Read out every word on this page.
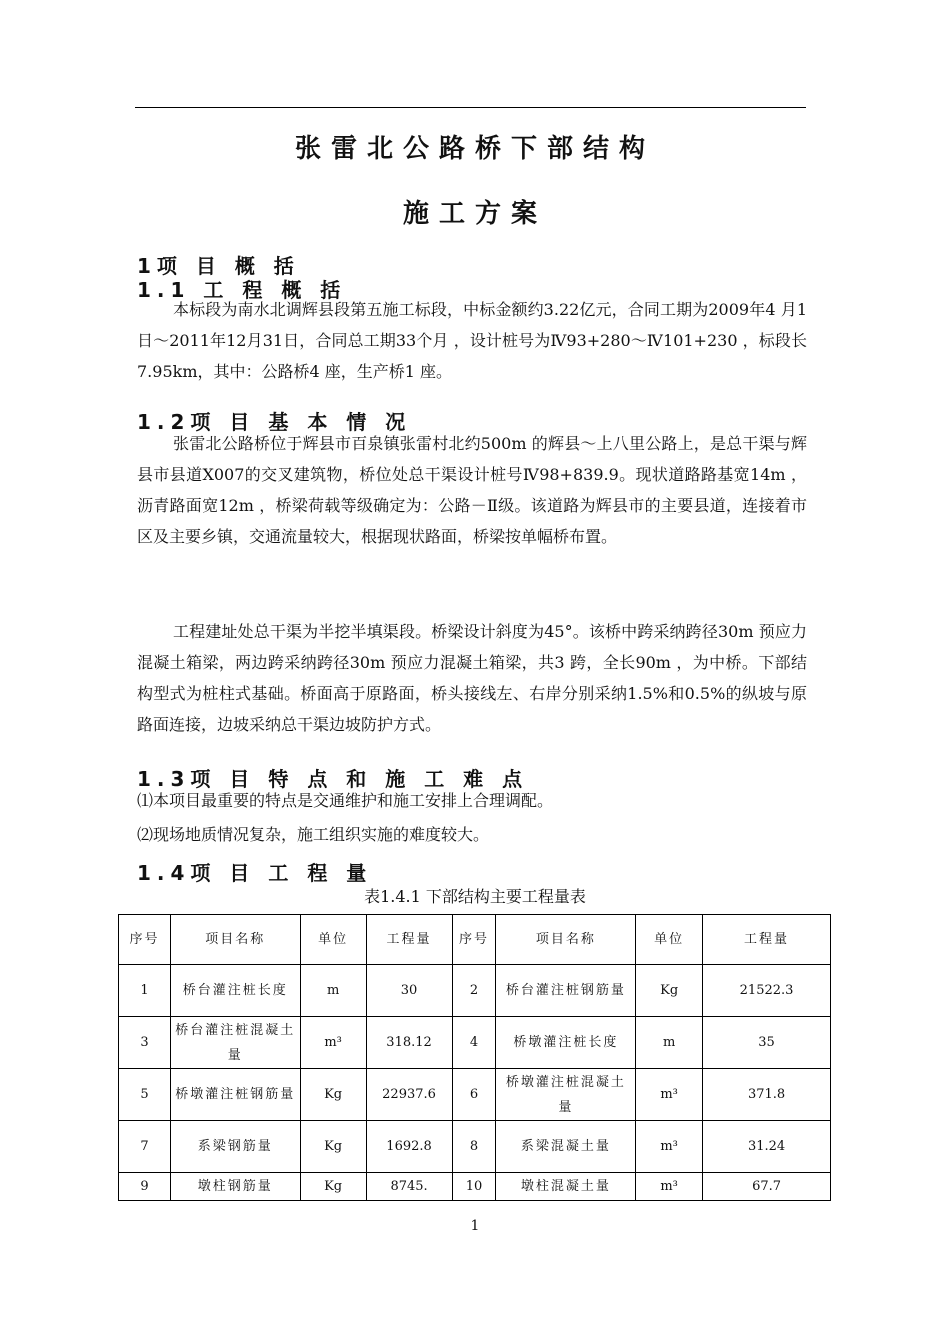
张雷北公路桥下部结构
施工方案
1项 目 概 括
1.1 工 程 概 括
本标段为南水北调辉县段第五施工标段，中标金额约3.22亿元，合同工期为2009年4 月1 日～2011年12月31日，合同总工期33个月 ，设计桩号为Ⅳ93+280～Ⅳ101+230 ，标段长7.95km，其中：公路桥4 座，生产桥1 座。
1.2项 目 基 本 情 况
张雷北公路桥位于辉县市百泉镇张雷村北约500m 的辉县～上八里公路上，是总干渠与辉县市县道X007的交叉建筑物，桥位处总干渠设计桩号Ⅳ98+839.9。现状道路路基宽14m ，沥青路面宽12m ，桥梁荷载等级确定为：公路－Ⅱ级。该道路为辉县市的主要县道，连接着市区及主要乡镇，交通流量较大，根据现状路面，桥梁按单幅桥布置。
工程建址处总干渠为半挖半填渠段。桥梁设计斜度为45°。该桥中跨采纳跨径30m 预应力混凝土箱梁，两边跨采纳跨径30m 预应力混凝土箱梁，共3 跨，全长90m ，为中桥。下部结构型式为桩柱式基础。桥面高于原路面，桥头接线左、右岸分别采纳1.5%和0.5%的纵坡与原路面连接，边坡采纳总干渠边坡防护方式。
1.3项 目 特 点 和 施 工 难 点
⑴本项目最重要的特点是交通维护和施工安排上合理调配。
⑵现场地质情况复杂，施工组织实施的难度较大。
1.4项 目 工 程 量
表1.4.1 下部结构主要工程量表
序号	项目名称	单位	工程量	序号	项目名称	单位	工程量
1	桥台灌注桩长度	m	30	2	桥台灌注桩钢筋量	Kg	21522.3
3	桥台灌注桩混凝土量	m³	318.12	4	桥墩灌注桩长度	m	35
5	桥墩灌注桩钢筋量	Kg	22937.6	6	桥墩灌注桩混凝土量	m³	371.8
7	系梁钢筋量	Kg	1692.8	8	系梁混凝土量	m³	31.24
9	墩柱钢筋量	Kg	8745.	10	墩柱混凝土量	m³	67.7
1
